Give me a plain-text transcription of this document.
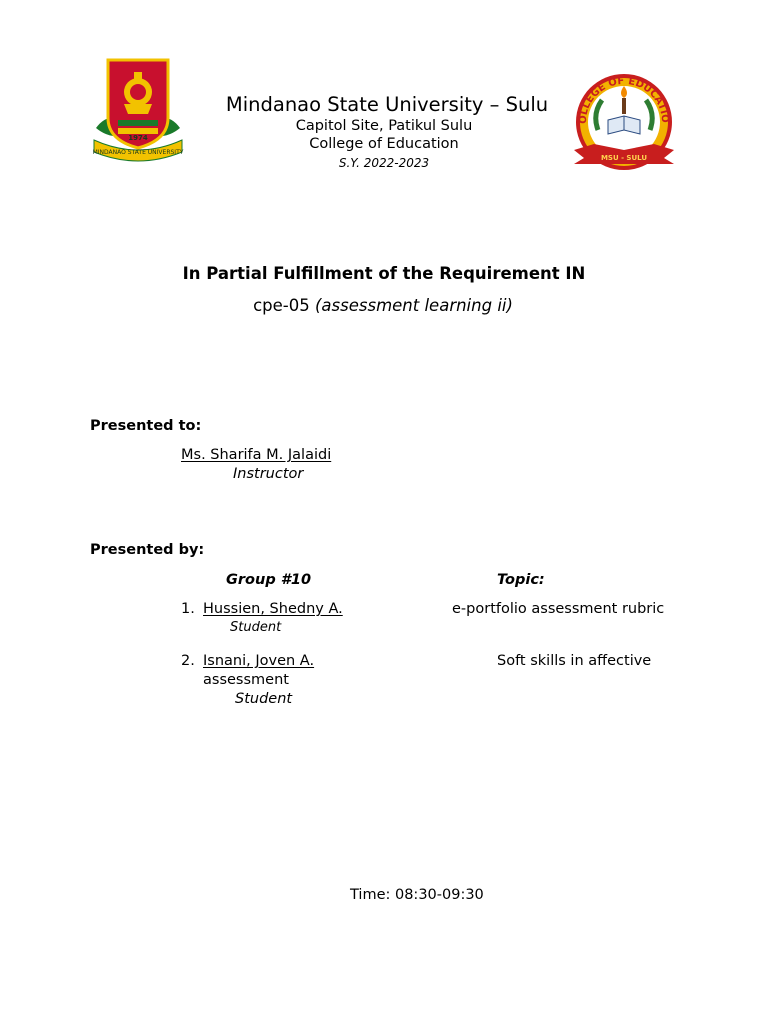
MINDANAO STATE UNIVERSITY
1974
OLLEGE OF EDUCATIO
MSU - SULU
Mindanao State University – Sulu
Capitol Site, Patikul Sulu
College of Education
S.Y. 2022-2023
In Partial Fulfillment of the Requirement IN
cpe-05 (assessment learning ii)
Presented to:
Ms. Sharifa M. Jalaidi
Instructor
Presented by:
Group #10	Topic:
1. Hussien, Shedny A.
Student
e-portfolio assessment rubric
2. Isnani, Joven A.	Soft skills in affective
assessment
Student
Time: 08:30-09:30
